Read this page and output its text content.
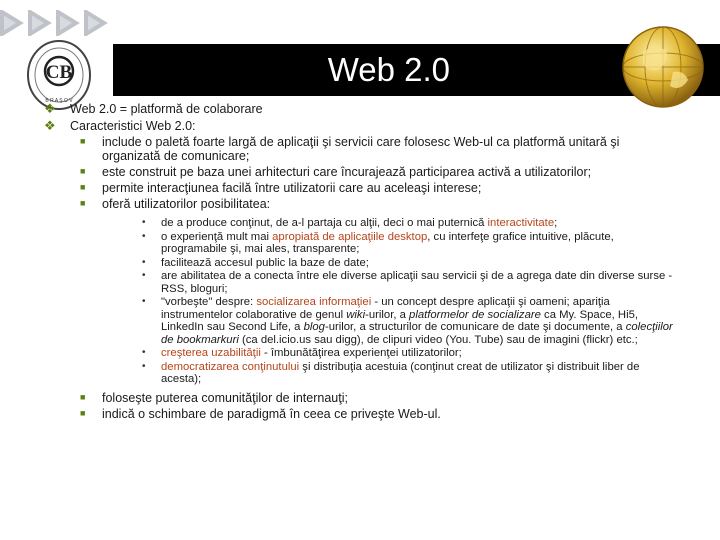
CB
B R A Ş O V
Web 2.0
❖ Web 2.0 = platformă de colaborare
❖ Caracteristici Web 2.0:
■ include o paletă foarte largă de aplicaţii şi servicii care folosesc Web-ul ca platformă unitară şi organizată de comunicare;
■ este construit pe baza unei arhitecturi care încurajează participarea activă a utilizatorilor;
■ permite interacţiunea facilă între utilizatorii care au aceleaşi interese;
■ oferă utilizatorilor posibilitatea:
• de a produce conţinut, de a-l partaja cu alţii, deci o mai puternică interactivitate;
• o experienţă mult mai apropiată de aplicaţiile desktop, cu interfeţe grafice intuitive, plăcute, programabile şi, mai ales, transparente;
• facilitează accesul public la baze de date;
• are abilitatea de a conecta între ele diverse aplicaţii sau servicii şi de a agrega date din diverse surse - RSS, bloguri;
• "vorbeşte" despre: socializarea informaţiei - un concept despre aplicaţii şi oameni; apariţia instrumentelor colaborative de genul wiki-urilor, a platformelor de socializare ca My. Space, Hi5, LinkedIn sau Second Life, a blog-urilor, a structurilor de comunicare de date şi documente, a colecţiilor de bookmarkuri (ca del.icio.us sau digg), de clipuri video (You. Tube) sau de imagini (flickr) etc.;
• creşterea uzabilităţii - îmbunătăţirea experienţei utilizatorilor;
• democratizarea conţinutului şi distribuţia acestuia (conţinut creat de utilizator şi distribuit liber de acesta);
■ foloseşte puterea comunităţilor de internauţi;
■ indică o schimbare de paradigmă în ceea ce priveşte Web-ul.
